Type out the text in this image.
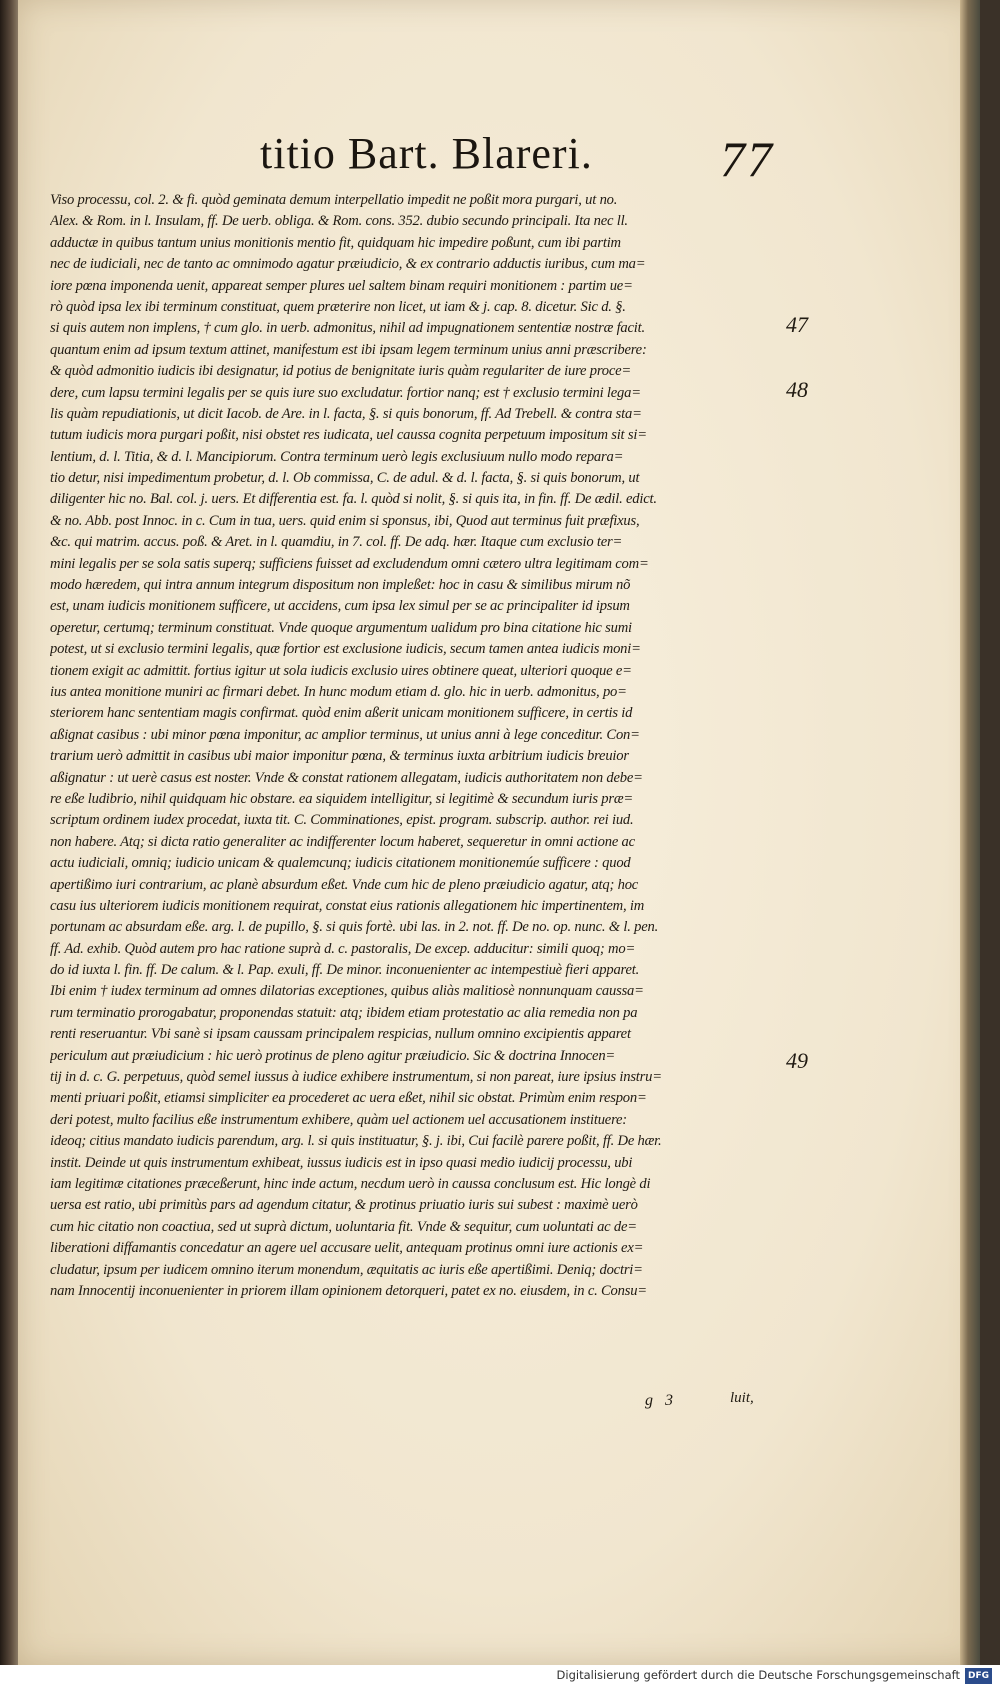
titio Bart. Blareri.	77
Viso processu, col. 2. & fi. quòd geminata demum interpellatio impedit ne poßit mora purgari, ut no.
Alex. & Rom. in l. Insulam, ff. De uerb. obliga. & Rom. cons. 352. dubio secundo principali. Ita nec ll.
adductæ in quibus tantum unius monitionis mentio fit, quidquam hic impedire poßunt, cum ibi partim
nec de iudiciali, nec de tanto ac omnimodo agatur præiudicio, & ex contrario adductis iuribus, cum ma=
iore pœna imponenda uenit, appareat semper plures uel saltem binam requiri monitionem : partim ue=
rò quòd ipsa lex ibi terminum constituat, quem præterire non licet, ut iam & j. cap. 8. dicetur. Sic d. §.
si quis autem non implens, † cum glo. in uerb. admonitus, nihil ad impugnationem sententiæ nostræ facit.
quantum enim ad ipsum textum attinet, manifestum est ibi ipsam legem terminum unius anni præscribere:
& quòd admonitio iudicis ibi designatur, id potius de benignitate iuris quàm regulariter de iure proce=
dere, cum lapsu termini legalis per se quis iure suo excludatur. fortior nanq; est † exclusio termini lega=
lis quàm repudiationis, ut dicit Iacob. de Are. in l. facta, §. si quis bonorum, ff. Ad Trebell. & contra sta=
tutum iudicis mora purgari poßit, nisi obstet res iudicata, uel caussa cognita perpetuum impositum sit si=
lentium, d. l. Titia, & d. l. Mancipiorum. Contra terminum uerò legis exclusiuum nullo modo repara=
tio detur, nisi impedimentum probetur, d. l. Ob commissa, C. de adul. & d. l. facta, §. si quis bonorum, ut
diligenter hic no. Bal. col. j. uers. Et differentia est. fa. l. quòd si nolit, §. si quis ita, in fin. ff. De ædil. edict.
& no. Abb. post Innoc. in c. Cum in tua, uers. quid enim si sponsus, ibi, Quod aut terminus fuit præfixus,
&c. qui matrim. accus. poß. & Aret. in l. quamdiu, in 7. col. ff. De adq. hær. Itaque cum exclusio ter=
mini legalis per se sola satis superq; sufficiens fuisset ad excludendum omni cætero ultra legitimam com=
modo hæredem, qui intra annum integrum dispositum non impleßet: hoc in casu & similibus mirum nõ
est, unam iudicis monitionem sufficere, ut accidens, cum ipsa lex simul per se ac principaliter id ipsum
operetur, certumq; terminum constituat. Vnde quoque argumentum ualidum pro bina citatione hic sumi
potest, ut si exclusio termini legalis, quæ fortior est exclusione iudicis, secum tamen antea iudicis moni=
tionem exigit ac admittit. fortius igitur ut sola iudicis exclusio uires obtinere queat, ulteriori quoque e=
ius antea monitione muniri ac firmari debet. In hunc modum etiam d. glo. hic in uerb. admonitus, po=
steriorem hanc sententiam magis confirmat. quòd enim aßerit unicam monitionem sufficere, in certis id
aßignat casibus : ubi minor pœna imponitur, ac amplior terminus, ut unius anni à lege conceditur. Con=
trarium uerò admittit in casibus ubi maior imponitur pœna, & terminus iuxta arbitrium iudicis breuior
aßignatur : ut uerè casus est noster. Vnde & constat rationem allegatam, iudicis authoritatem non debe=
re eße ludibrio, nihil quidquam hic obstare. ea siquidem intelligitur, si legitimè & secundum iuris præ=
scriptum ordinem iudex procedat, iuxta tit. C. Comminationes, epist. program. subscrip. author. rei iud.
non habere. Atq; si dicta ratio generaliter ac indifferenter locum haberet, sequeretur in omni actione ac
actu iudiciali, omniq; iudicio unicam & qualemcunq; iudicis citationem monitionemúe sufficere : quod
apertißimo iuri contrarium, ac planè absurdum eßet. Vnde cum hic de pleno præiudicio agatur, atq; hoc
casu ius ulteriorem iudicis monitionem requirat, constat eius rationis allegationem hic impertinentem, im
portunam ac absurdam eße. arg. l. de pupillo, §. si quis fortè. ubi las. in 2. not. ff. De no. op. nunc. & l. pen.
ff. Ad. exhib. Quòd autem pro hac ratione suprà d. c. pastoralis, De excep. adducitur: simili quoq; mo=
do id iuxta l. fin. ff. De calum. & l. Pap. exuli, ff. De minor. inconuenienter ac intempestiuè fieri apparet.
Ibi enim † iudex terminum ad omnes dilatorias exceptiones, quibus aliàs malitiosè nonnunquam caussa=
rum terminatio prorogabatur, proponendas statuit: atq; ibidem etiam protestatio ac alia remedia non pa
renti reseruantur. Vbi sanè si ipsam caussam principalem respicias, nullum omnino excipientis apparet
periculum aut præiudicium : hic uerò protinus de pleno agitur præiudicio. Sic & doctrina Innocen=
tij in d. c. G. perpetuus, quòd semel iussus à iudice exhibere instrumentum, si non pareat, iure ipsius instru=
menti priuari poßit, etiamsi simpliciter ea procederet ac uera eßet, nihil sic obstat. Primùm enim respon=
deri potest, multo facilius eße instrumentum exhibere, quàm uel actionem uel accusationem instituere:
ideoq; citius mandato iudicis parendum, arg. l. si quis instituatur, §. j. ibi, Cui facilè parere poßit, ff. De hær.
instit. Deinde ut quis instrumentum exhibeat, iussus iudicis est in ipso quasi medio iudicij processu, ubi
iam legitimæ citationes præceßerunt, hinc inde actum, necdum uerò in caussa conclusum est. Hic longè di
uersa est ratio, ubi primitùs pars ad agendum citatur, & protinus priuatio iuris sui subest : maximè uerò
cum hic citatio non coactiua, sed ut suprà dictum, uoluntaria fit. Vnde & sequitur, cum uoluntati ac de=
liberationi diffamantis concedatur an agere uel accusare uelit, antequam protinus omni iure actionis ex=
cludatur, ipsum per iudicem omnino iterum monendum, æquitatis ac iuris eße apertißimi. Deniq; doctri=
nam Innocentij inconuenienter in priorem illam opinionem detorqueri, patet ex no. eiusdem, in c. Consu=
47
48
49
g 3	luit,
Digitalisierung gefördert durch die Deutsche Forschungsgemeinschaft DFG
